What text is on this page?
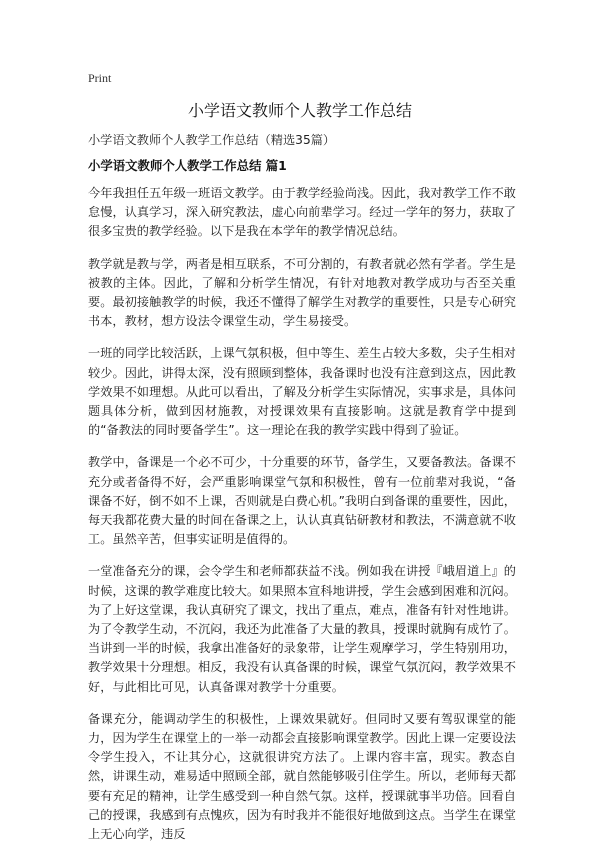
Print
小学语文教师个人教学工作总结
小学语文教师个人教学工作总结（精选35篇）
小学语文教师个人教学工作总结 篇1

今年我担任五年级一班语文教学。由于教学经验尚浅。因此，我对教学工作不敢怠慢，认真学习，深入研究教法，虚心向前辈学习。经过一学年的努力，获取了很多宝贵的教学经验。以下是我在本学年的教学情况总结。

教学就是教与学，两者是相互联系，不可分割的，有教者就必然有学者。学生是被教的主体。因此，了解和分析学生情况，有针对地教对教学成功与否至关重要。最初接触教学的时候，我还不懂得了解学生对教学的重要性，只是专心研究书本，教材，想方设法令课堂生动，学生易接受。

一班的同学比较活跃，上课气氛积极，但中等生、差生占较大多数，尖子生相对较少。因此，讲得太深，没有照顾到整体，我备课时也没有注意到这点，因此教学效果不如理想。从此可以看出，了解及分析学生实际情况，实事求是，具体问题具体分析，做到因材施教，对授课效果有直接影响。这就是教育学中提到的“备教法的同时要备学生”。这一理论在我的教学实践中得到了验证。

教学中，备课是一个必不可少，十分重要的环节，备学生，又要备教法。备课不充分或者备得不好，会严重影响课堂气氛和积极性，曾有一位前辈对我说，“备课备不好，倒不如不上课，否则就是白费心机。”我明白到备课的重要性，因此，每天我都花费大量的时间在备课之上，认认真真钻研教材和教法，不满意就不收工。虽然辛苦，但事实证明是值得的。

一堂准备充分的课，会令学生和老师都获益不浅。例如我在讲授『峨眉道上』的时候，这课的教学难度比较大。如果照本宣科地讲授，学生会感到困难和沉闷。为了上好这堂课，我认真研究了课文，找出了重点，难点，准备有针对性地讲。为了令教学生动，不沉闷，我还为此准备了大量的教具，授课时就胸有成竹了。当讲到一半的时候，我拿出准备好的录象带，让学生观摩学习，学生特别用功，教学效果十分理想。相反，我没有认真备课的时候，课堂气氛沉闷，教学效果不好，与此相比可见，认真备课对教学十分重要。

备课充分，能调动学生的积极性，上课效果就好。但同时又要有驾驭课堂的能力，因为学生在课堂上的一举一动都会直接影响课堂教学。因此上课一定要设法令学生投入，不让其分心，这就很讲究方法了。上课内容丰富，现实。教态自然，讲课生动，难易适中照顾全部，就自然能够吸引住学生。所以，老师每天都要有充足的精神，让学生感受到一种自然气氛。这样，授课就事半功倍。回看自己的授课，我感到有点愧疚，因为有时我并不能很好地做到这点。当学生在课堂上无心向学，违反
